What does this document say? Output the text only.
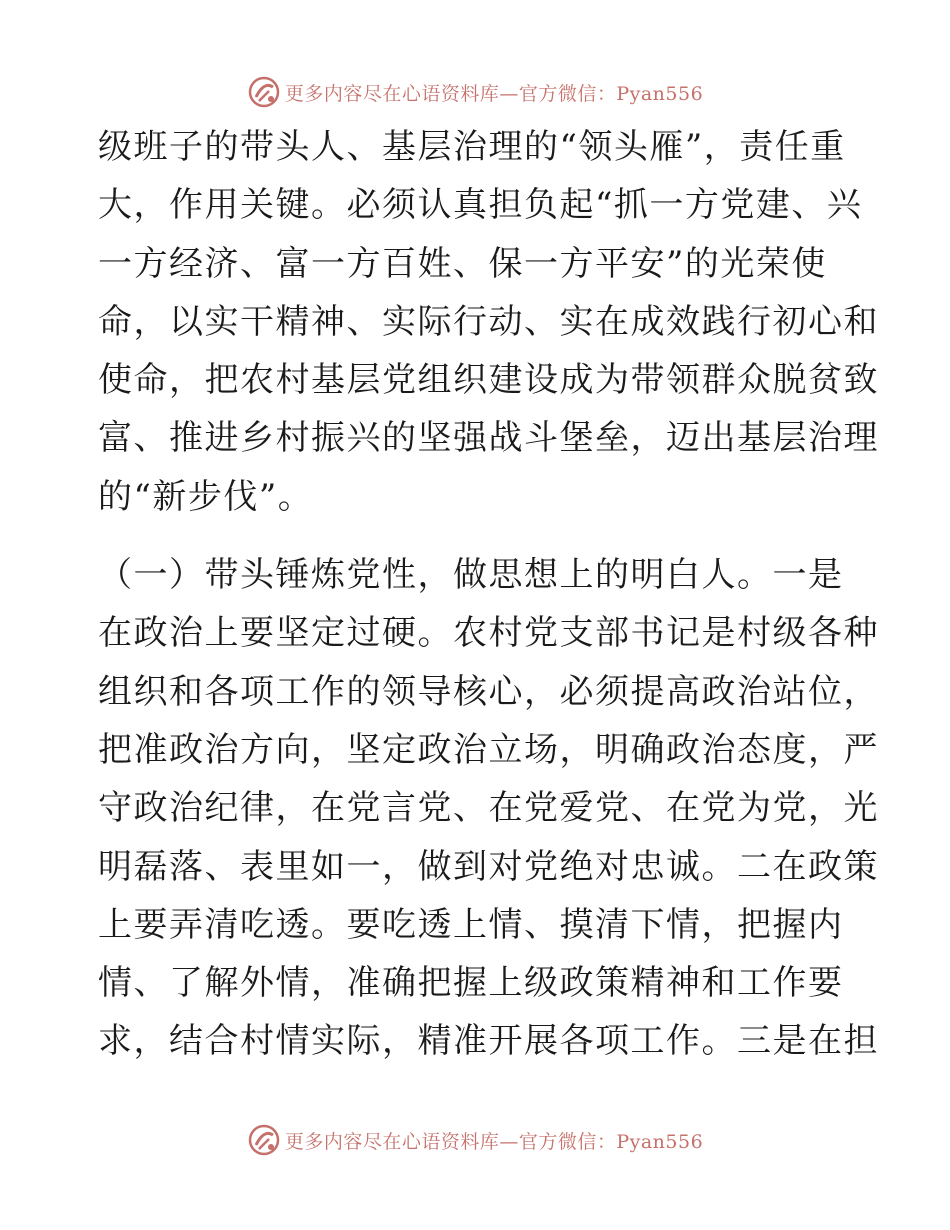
更多内容尽在心语资料库—官方微信：Pyan556
级班子的带头人、基层治理的“领头雁”，责任重
大，作用关键。必须认真担负起“抓一方党建、兴
一方经济、富一方百姓、保一方平安”的光荣使
命，以实干精神、实际行动、实在成效践行初心和
使命，把农村基层党组织建设成为带领群众脱贫致
富、推进乡村振兴的坚强战斗堡垒，迈出基层治理
的“新步伐”。
（一）带头锤炼党性，做思想上的明白人。一是
在政治上要坚定过硬。农村党支部书记是村级各种
组织和各项工作的领导核心，必须提高政治站位，
把准政治方向，坚定政治立场，明确政治态度，严
守政治纪律，在党言党、在党爱党、在党为党，光
明磊落、表里如一，做到对党绝对忠诚。二在政策
上要弄清吃透。要吃透上情、摸清下情，把握内
情、了解外情，准确把握上级政策精神和工作要
求，结合村情实际，精准开展各项工作。三是在担
更多内容尽在心语资料库—官方微信：Pyan556
